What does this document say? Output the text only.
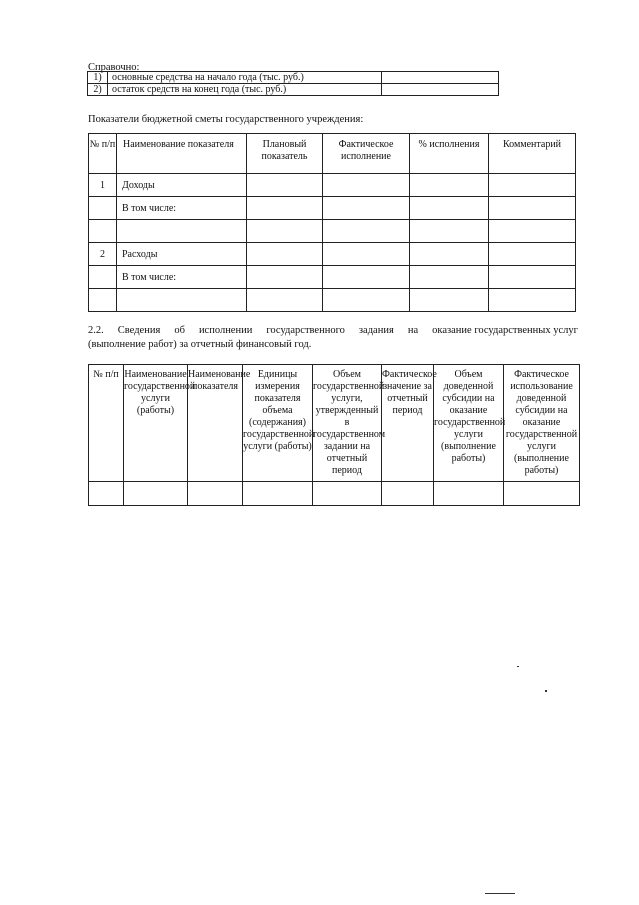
Справочно:
1)	основные средства на начало года (тыс. руб.)	
2)	остаток средств на конец года (тыс. руб.)	
Показатели бюджетной сметы государственного учреждения:
№ п/п	Наименование показателя	Плановый показатель	Фактическое исполнение	% исполнения	Комментарий
1	Доходы				
	В том числе:				

2	Расходы				
	В том числе:				

2.2. Сведения об исполнении государственного задания на оказание государственных услуг
(выполнение работ) за отчетный финансовый год.
№ п/п	Наименование государственной услуги (работы)	Наименование показателя	Единицы измерения показателя объема (содержания) государственной услуги (работы)	Объем государственной услуги, утвержденный в государственном задании на отчетный период	Фактическое значение за отчетный период	Объем доведенной субсидии на оказание государственной услуги (выполнение работы)	Фактическое использование доведенной субсидии на оказание государственной услуги (выполнение работы)
